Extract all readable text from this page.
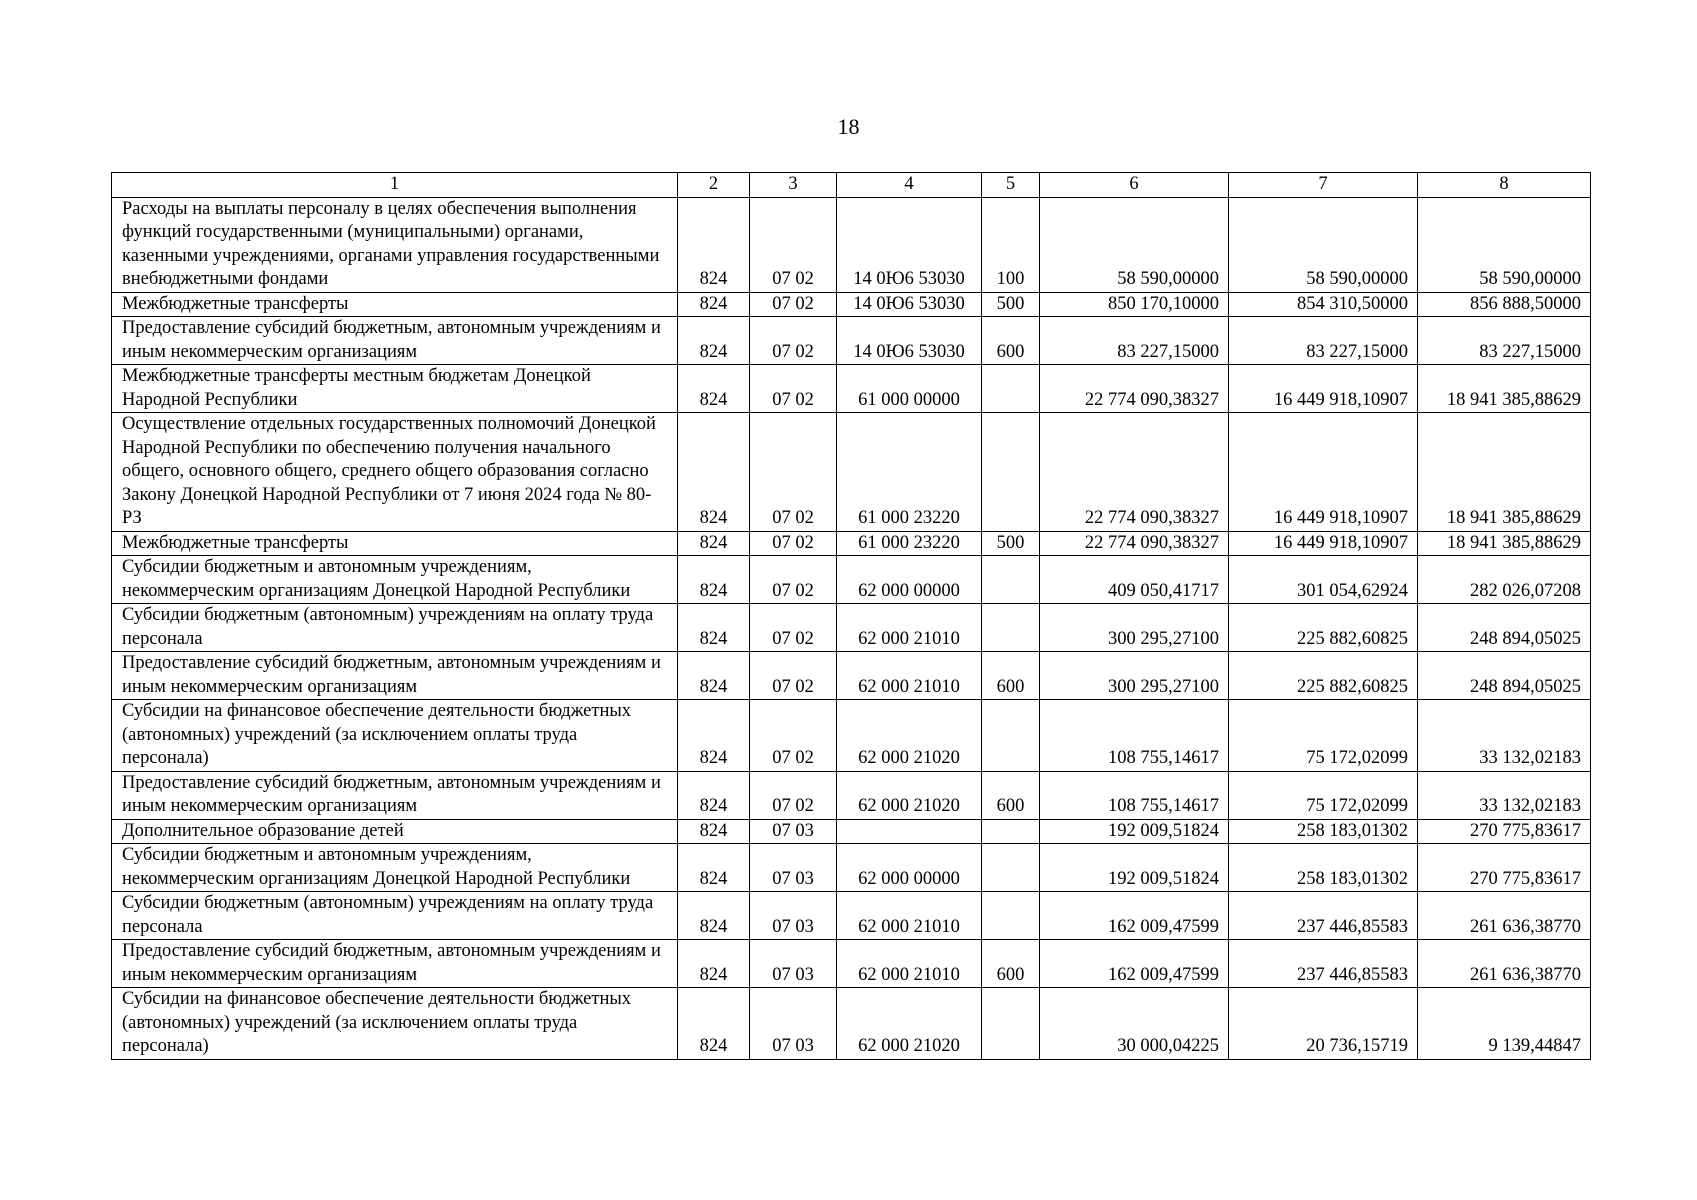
18
1	2	3	4	5	6	7	8
Расходы на выплаты персоналу в целях обеспечения выполнения функций государственными (муниципальными) органами, казенными учреждениями, органами управления государственными внебюджетными фондами	824	07 02	14 0Ю6 53030	100	58 590,00000	58 590,00000	58 590,00000
Межбюджетные трансферты	824	07 02	14 0Ю6 53030	500	850 170,10000	854 310,50000	856 888,50000
Предоставление субсидий бюджетным, автономным учреждениям и иным некоммерческим организациям	824	07 02	14 0Ю6 53030	600	83 227,15000	83 227,15000	83 227,15000
Межбюджетные трансферты местным бюджетам Донецкой Народной Республики	824	07 02	61 000 00000		22 774 090,38327	16 449 918,10907	18 941 385,88629
Осуществление отдельных государственных полномочий Донецкой Народной Республики по обеспечению получения начального общего, основного общего, среднего общего образования согласно Закону Донецкой Народной Республики от 7 июня 2024 года № 80-РЗ	824	07 02	61 000 23220		22 774 090,38327	16 449 918,10907	18 941 385,88629
Межбюджетные трансферты	824	07 02	61 000 23220	500	22 774 090,38327	16 449 918,10907	18 941 385,88629
Субсидии бюджетным и автономным учреждениям, некоммерческим организациям Донецкой Народной Республики	824	07 02	62 000 00000		409 050,41717	301 054,62924	282 026,07208
Субсидии бюджетным (автономным) учреждениям на оплату труда персонала	824	07 02	62 000 21010		300 295,27100	225 882,60825	248 894,05025
Предоставление субсидий бюджетным, автономным учреждениям и иным некоммерческим организациям	824	07 02	62 000 21010	600	300 295,27100	225 882,60825	248 894,05025
Субсидии на финансовое обеспечение деятельности бюджетных (автономных) учреждений (за исключением оплаты труда персонала)	824	07 02	62 000 21020		108 755,14617	75 172,02099	33 132,02183
Предоставление субсидий бюджетным, автономным учреждениям и иным некоммерческим организациям	824	07 02	62 000 21020	600	108 755,14617	75 172,02099	33 132,02183
Дополнительное образование детей	824	07 03			192 009,51824	258 183,01302	270 775,83617
Субсидии бюджетным и автономным учреждениям, некоммерческим организациям Донецкой Народной Республики	824	07 03	62 000 00000		192 009,51824	258 183,01302	270 775,83617
Субсидии бюджетным (автономным) учреждениям на оплату труда персонала	824	07 03	62 000 21010		162 009,47599	237 446,85583	261 636,38770
Предоставление субсидий бюджетным, автономным учреждениям и иным некоммерческим организациям	824	07 03	62 000 21010	600	162 009,47599	237 446,85583	261 636,38770
Субсидии на финансовое обеспечение деятельности бюджетных (автономных) учреждений (за исключением оплаты труда персонала)	824	07 03	62 000 21020		30 000,04225	20 736,15719	9 139,44847
